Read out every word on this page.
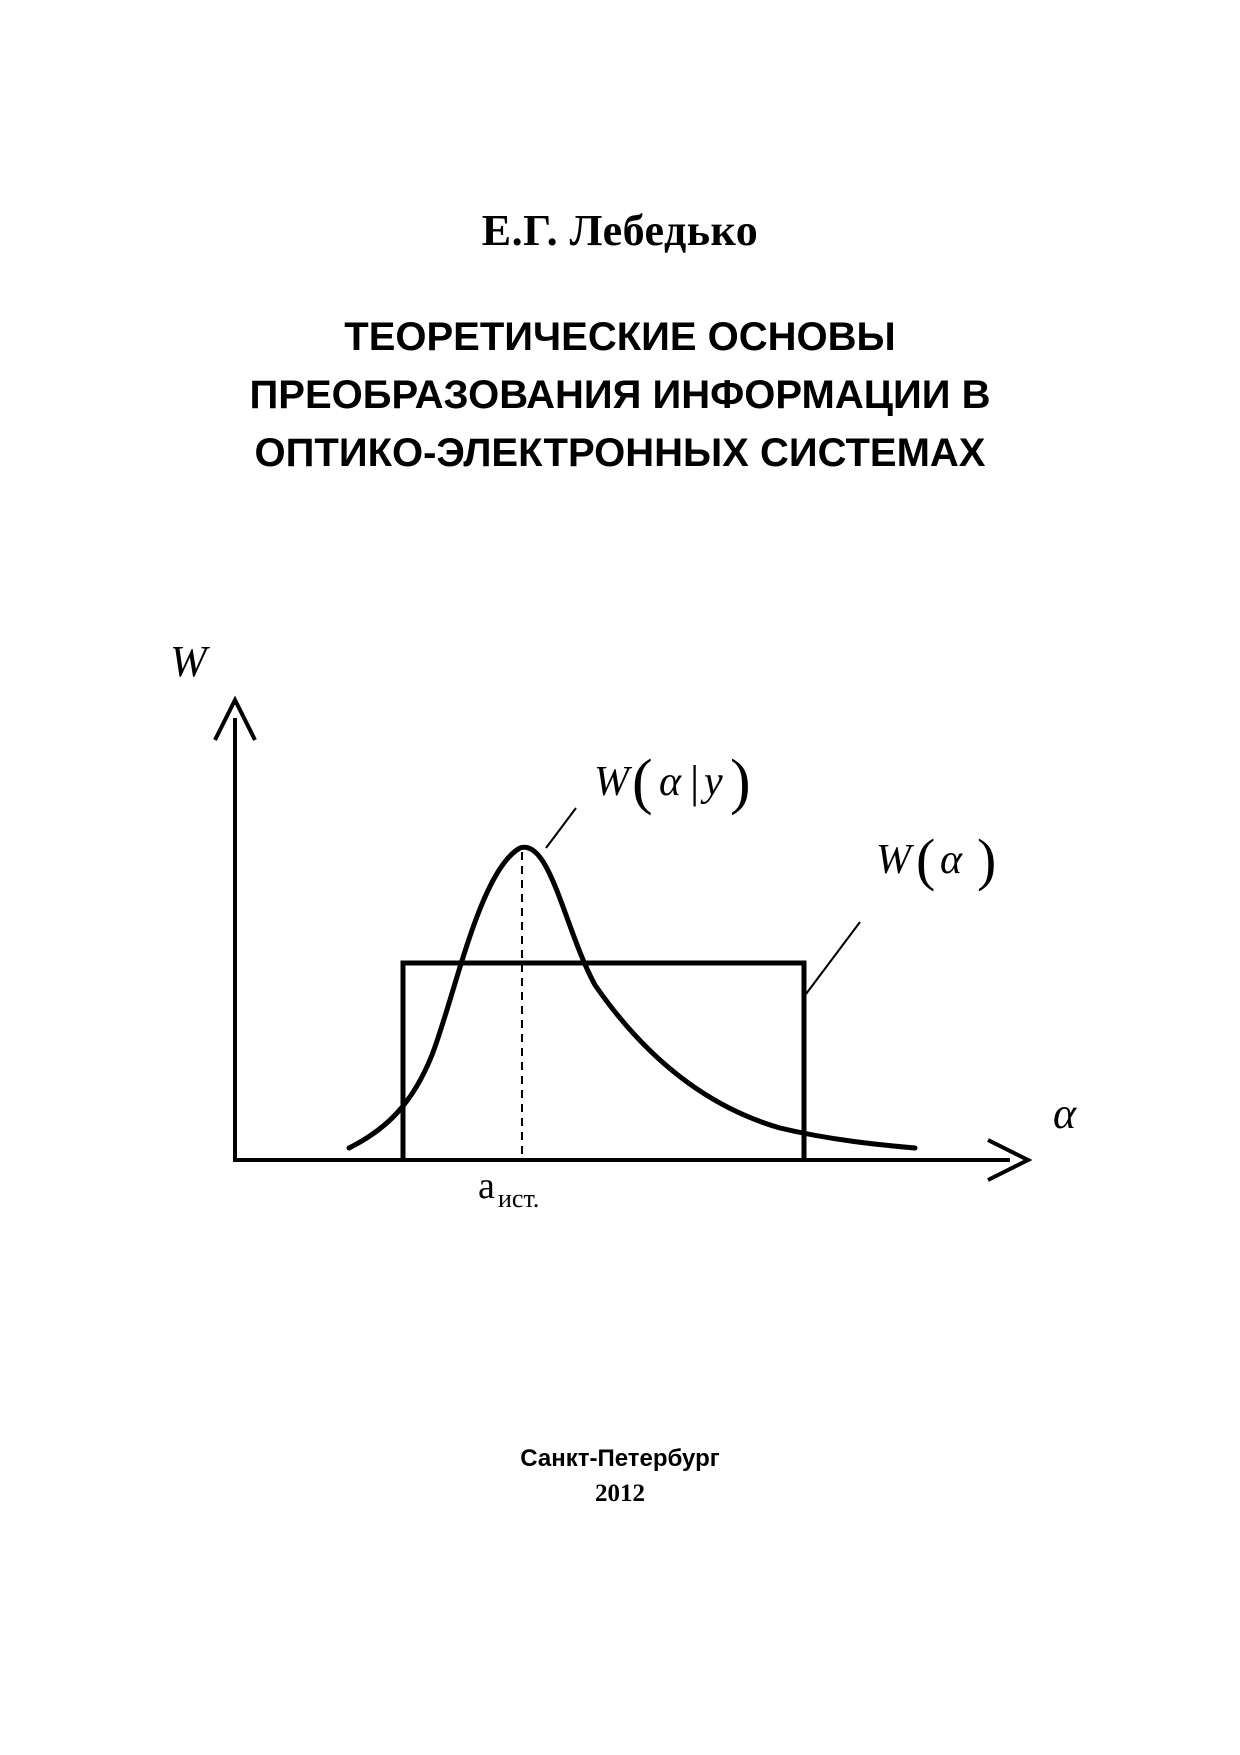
Е.Г. Лебедько
ТЕОРЕТИЧЕСКИЕ ОСНОВЫ
ПРЕОБРАЗОВАНИЯ ИНФОРМАЦИИ В
ОПТИКО-ЭЛЕКТРОННЫХ СИСТЕМАХ
W
α
W ( α | y )
W ( α )
a ист.
Санкт-Петербург
2012
